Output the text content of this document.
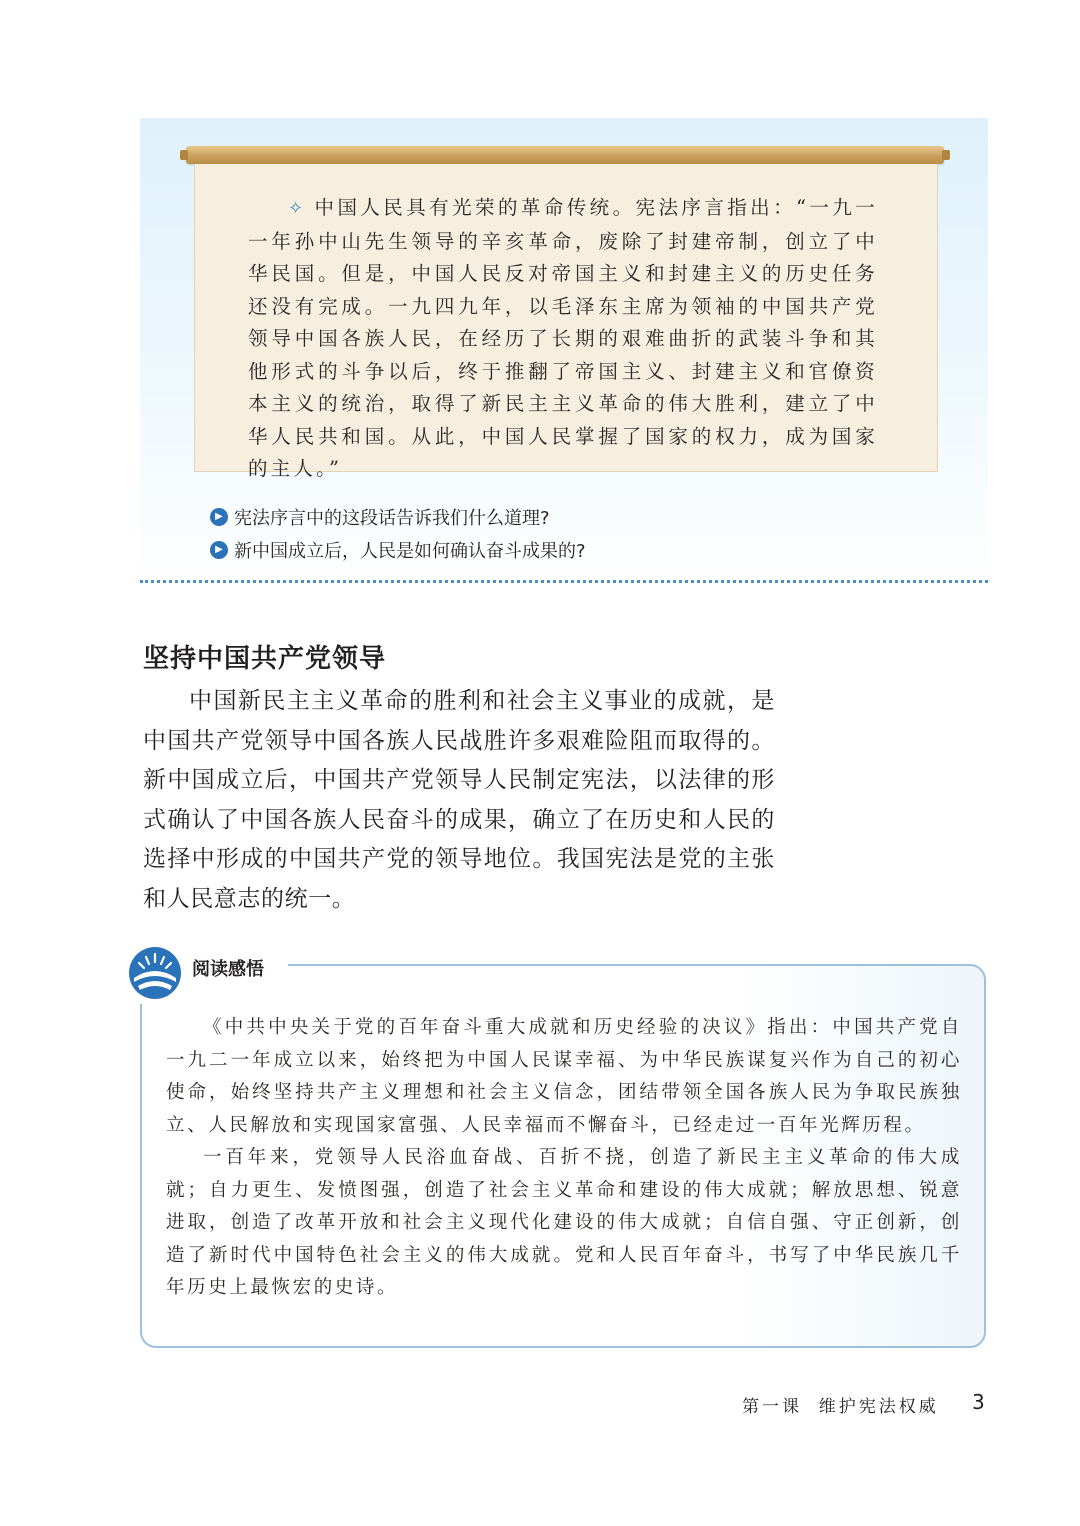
✧ 中国人民具有光荣的革命传统。宪法序言指出：“一九一一年孙中山先生领导的辛亥革命，废除了封建帝制，创立了中华民国。但是，中国人民反对帝国主义和封建主义的历史任务还没有完成。一九四九年，以毛泽东主席为领袖的中国共产党领导中国各族人民，在经历了长期的艰难曲折的武装斗争和其他形式的斗争以后，终于推翻了帝国主义、封建主义和官僚资本主义的统治，取得了新民主主义革命的伟大胜利，建立了中华人民共和国。从此，中国人民掌握了国家的权力，成为国家的主人。”

▶ 宪法序言中的这段话告诉我们什么道理?
▶ 新中国成立后，人民是如何确认奋斗成果的?
坚持中国共产党领导

中国新民主主义革命的胜利和社会主义事业的成就，是中国共产党领导中国各族人民战胜许多艰难险阻而取得的。新中国成立后，中国共产党领导人民制定宪法，以法律的形式确认了中国各族人民奋斗的成果，确立了在历史和人民的选择中形成的中国共产党的领导地位。我国宪法是党的主张和人民意志的统一。

阅读感悟

《中共中央关于党的百年奋斗重大成就和历史经验的决议》指出：中国共产党自一九二一年成立以来，始终把为中国人民谋幸福、为中华民族谋复兴作为自己的初心使命，始终坚持共产主义理想和社会主义信念，团结带领全国各族人民为争取民族独立、人民解放和实现国家富强、人民幸福而不懈奋斗，已经走过一百年光辉历程。

一百年来，党领导人民浴血奋战、百折不挠，创造了新民主主义革命的伟大成就；自力更生、发愤图强，创造了社会主义革命和建设的伟大成就；解放思想、锐意进取，创造了改革开放和社会主义现代化建设的伟大成就；自信自强、守正创新，创造了新时代中国特色社会主义的伟大成就。党和人民百年奋斗，书写了中华民族几千年历史上最恢宏的史诗。

第一课  维护宪法权威 3
